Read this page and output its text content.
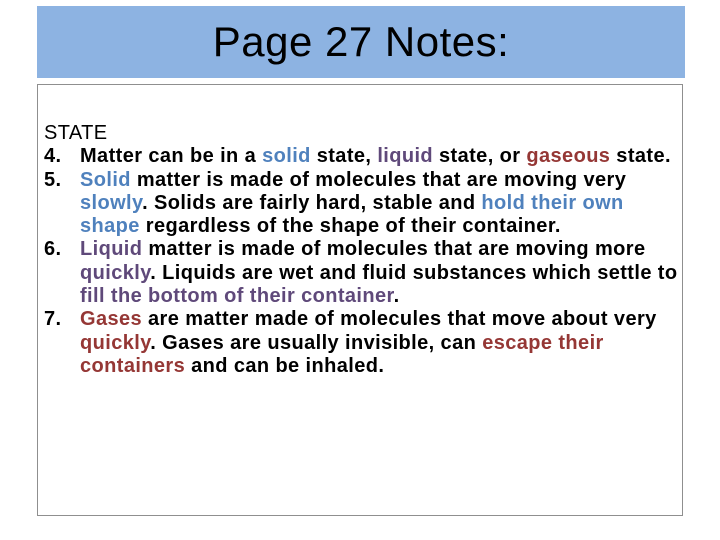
Page 27 Notes:
STATE
4. Matter can be in a solid state, liquid state, or gaseous state.
5. Solid matter is made of molecules that are moving very slowly. Solids are fairly hard, stable and hold their own shape regardless of the shape of their container.
6. Liquid matter is made of molecules that are moving more quickly. Liquids are wet and fluid substances which settle to fill the bottom of their container.
7. Gases are matter made of molecules that move about very quickly. Gases are usually invisible, can escape their containers and can be inhaled.
